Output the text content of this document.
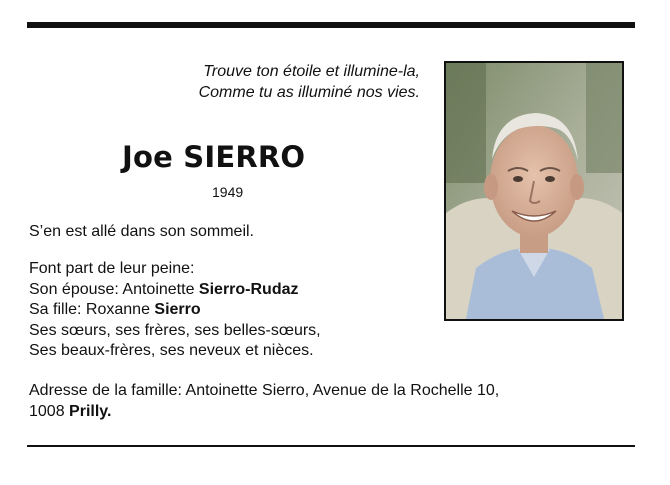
Trouve ton étoile et illumine-la,
Comme tu as illuminé nos vies.
Joe SIERRO
1949
S’en est allé dans son sommeil.
Font part de leur peine:
Son épouse: Antoinette Sierro-Rudaz
Sa fille: Roxanne Sierro
Ses sœurs, ses frères, ses belles-sœurs,
Ses beaux-frères, ses neveux et nièces.
Adresse de la famille: Antoinette Sierro, Avenue de la Rochelle 10,
1008 Prilly.
